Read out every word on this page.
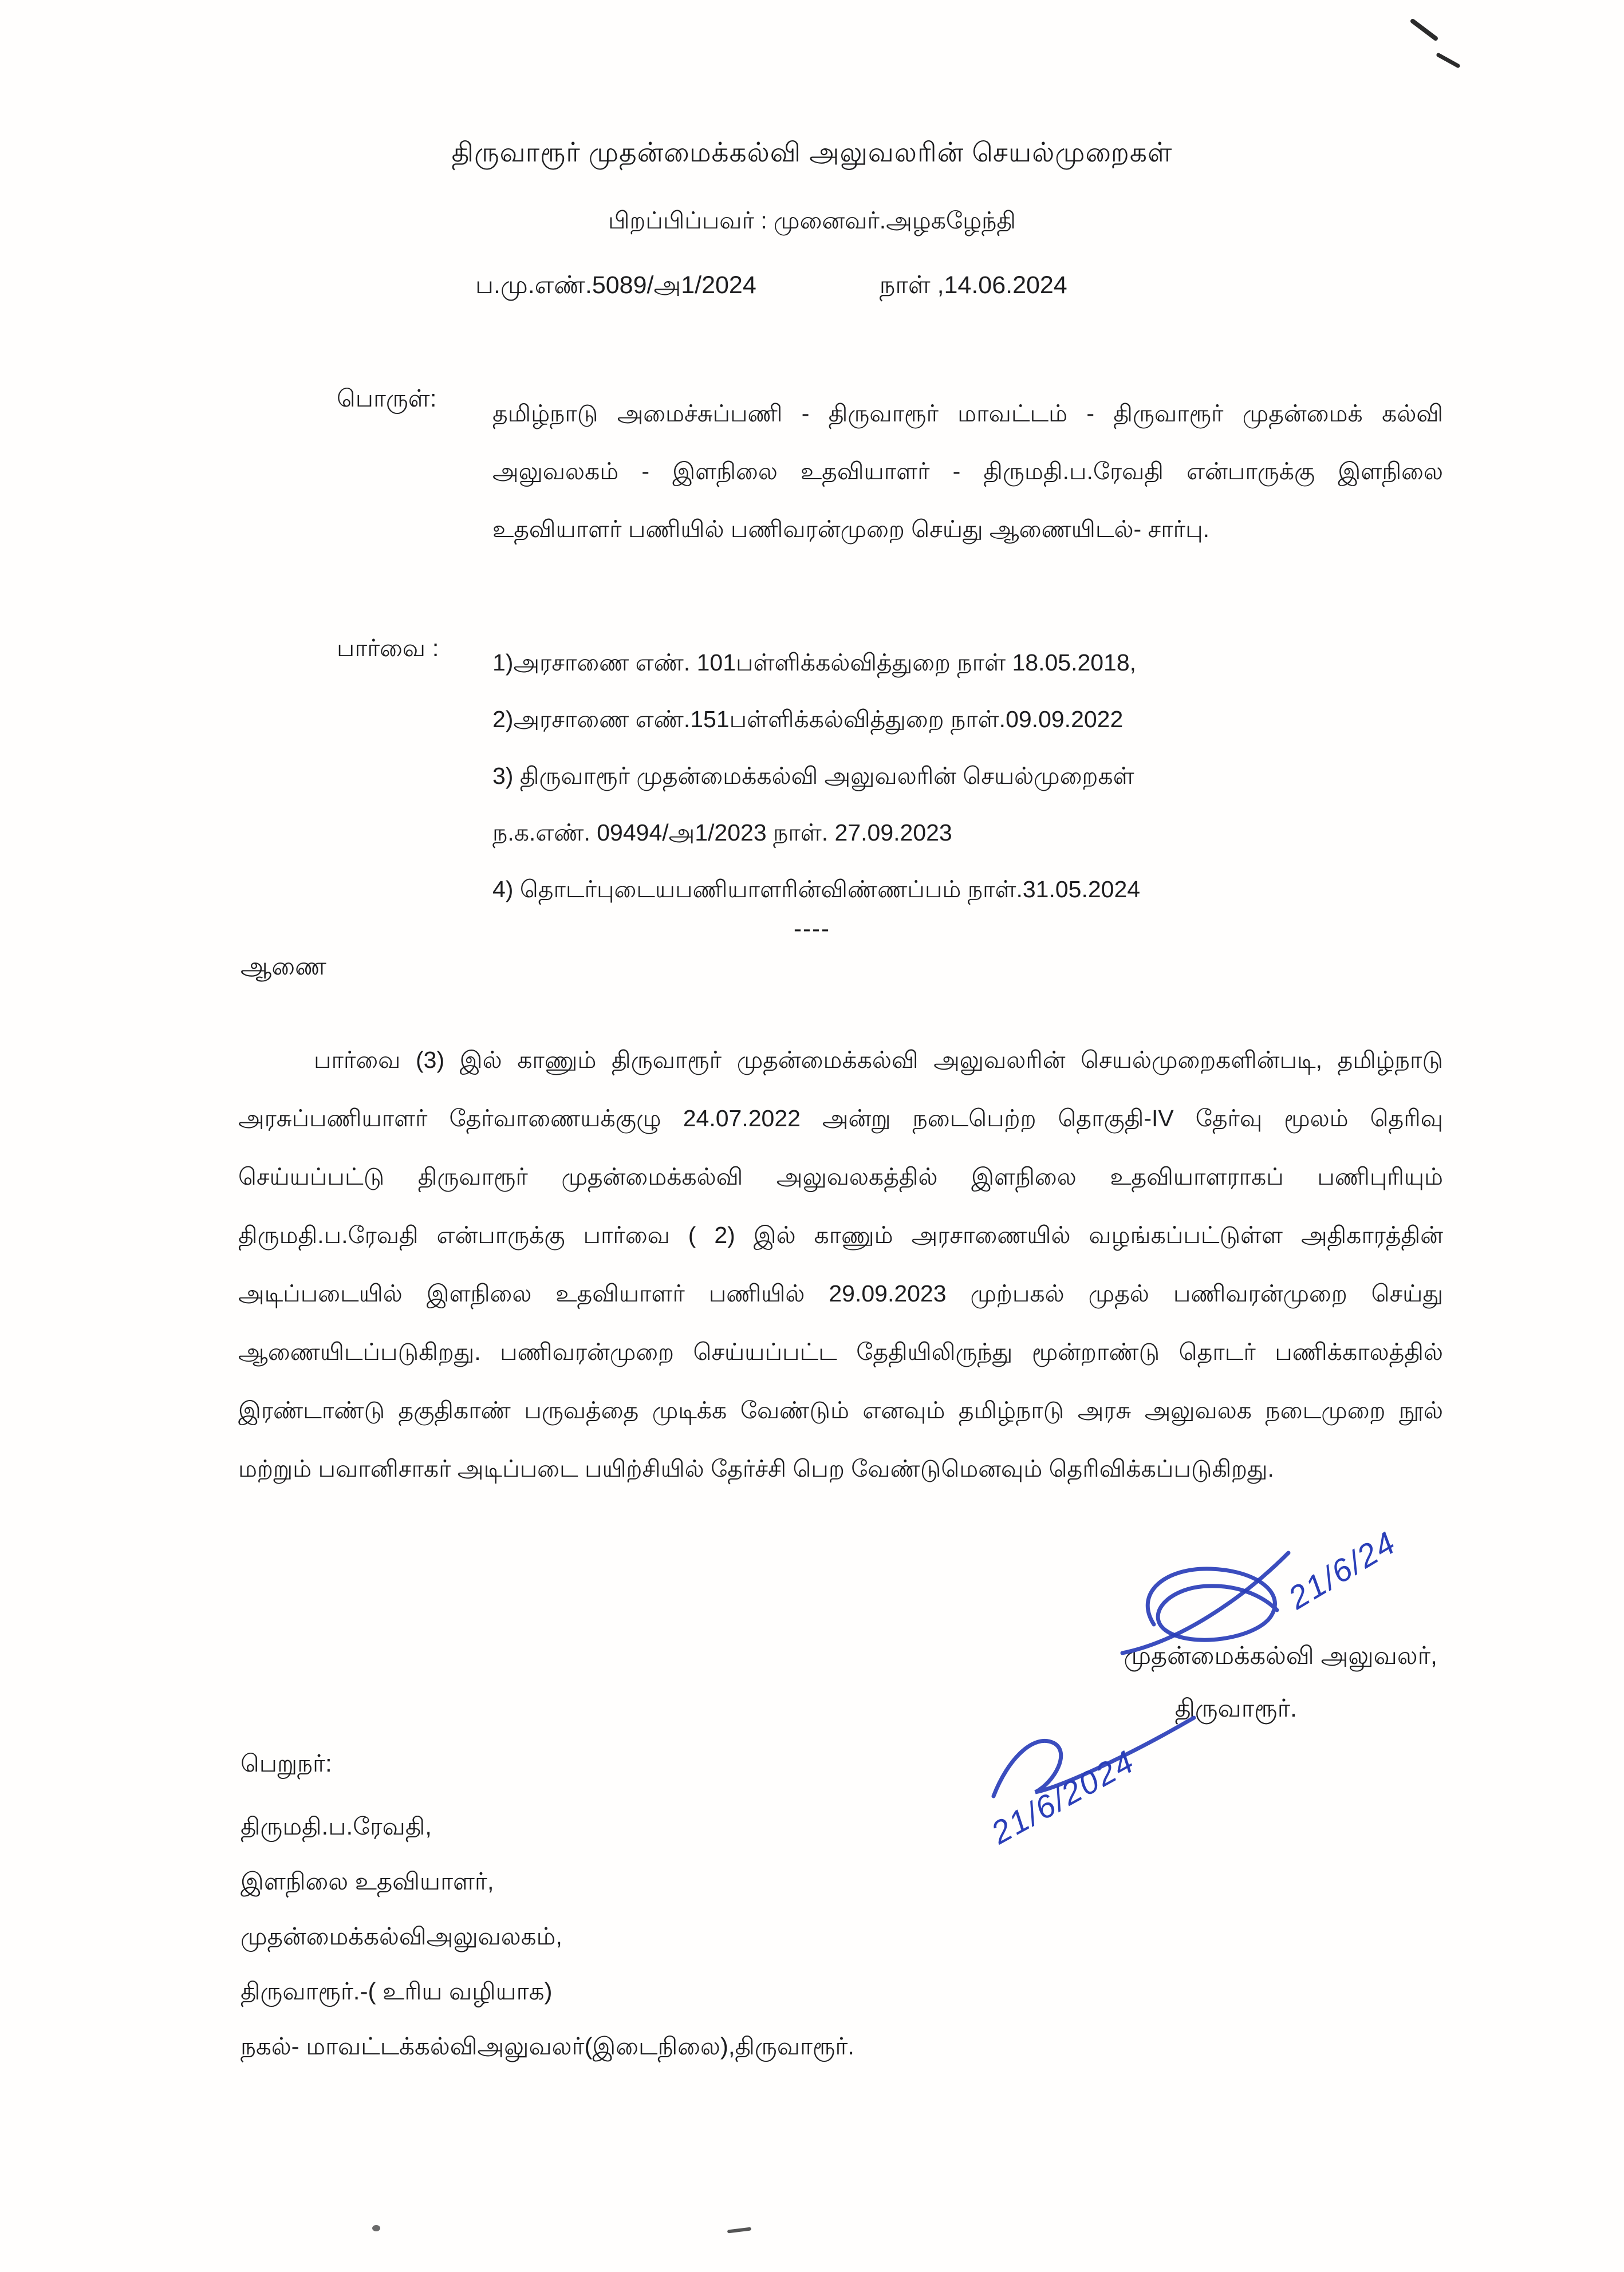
திருவாரூர் முதன்மைக்கல்வி அலுவலரின் செயல்முறைகள்
பிறப்பிப்பவர் : முனைவர்.அழகழேந்தி
ப.மு.எண்.5089/அ1/2024	நாள் ,14.06.2024
பொருள்:
தமிழ்நாடு அமைச்சுப்பணி - திருவாரூர் மாவட்டம் - திருவாரூர் முதன்மைக் கல்வி அலுவலகம் - இளநிலை உதவியாளர் - திருமதி.ப.ரேவதி என்பாருக்கு இளநிலை உதவியாளர் பணியில் பணிவரன்முறை செய்து ஆணையிடல்- சார்பு.
பார்வை :
1)அரசாணை எண். 101பள்ளிக்கல்வித்துறை நாள் 18.05.2018,
2)அரசாணை எண்.151பள்ளிக்கல்வித்துறை நாள்.09.09.2022
3) திருவாரூர் முதன்மைக்கல்வி அலுவலரின் செயல்முறைகள்
ந.க.எண். 09494/அ1/2023 நாள். 27.09.2023
4) தொடர்புடையபணியாளரின்விண்ணப்பம் நாள்.31.05.2024
----
ஆணை

பார்வை (3) இல் காணும் திருவாரூர் முதன்மைக்கல்வி அலுவலரின் செயல்முறைகளின்படி, தமிழ்நாடு அரசுப்பணியாளர் தேர்வாணையக்குழு 24.07.2022 அன்று நடைபெற்ற தொகுதி-IV தேர்வு மூலம் தெரிவு செய்யப்பட்டு திருவாரூர் முதன்மைக்கல்வி அலுவலகத்தில் இளநிலை உதவியாளராகப் பணிபுரியும் திருமதி.ப.ரேவதி என்பாருக்கு பார்வை ( 2) இல் காணும் அரசாணையில் வழங்கப்பட்டுள்ள அதிகாரத்தின் அடிப்படையில் இளநிலை உதவியாளர் பணியில் 29.09.2023 முற்பகல் முதல் பணிவரன்முறை செய்து ஆணையிடப்படுகிறது. பணிவரன்முறை செய்யப்பட்ட தேதியிலிருந்து மூன்றாண்டு தொடர் பணிக்காலத்தில் இரண்டாண்டு தகுதிகாண் பருவத்தை முடிக்க வேண்டும் எனவும் தமிழ்நாடு அரசு அலுவலக நடைமுறை நூல் மற்றும் பவானிசாகர் அடிப்படை பயிற்சியில் தேர்ச்சி பெற வேண்டுமெனவும் தெரிவிக்கப்படுகிறது.

முதன்மைக்கல்வி அலுவலர்,
திருவாரூர்.
பெறுநர்:
திருமதி.ப.ரேவதி,
இளநிலை உதவியாளர்,
முதன்மைக்கல்விஅலுவலகம்,
திருவாரூர்.-( உரிய வழியாக)
நகல்- மாவட்டக்கல்விஅலுவலர்(இடைநிலை),திருவாரூர்.
21/6/24
21/6/2024
